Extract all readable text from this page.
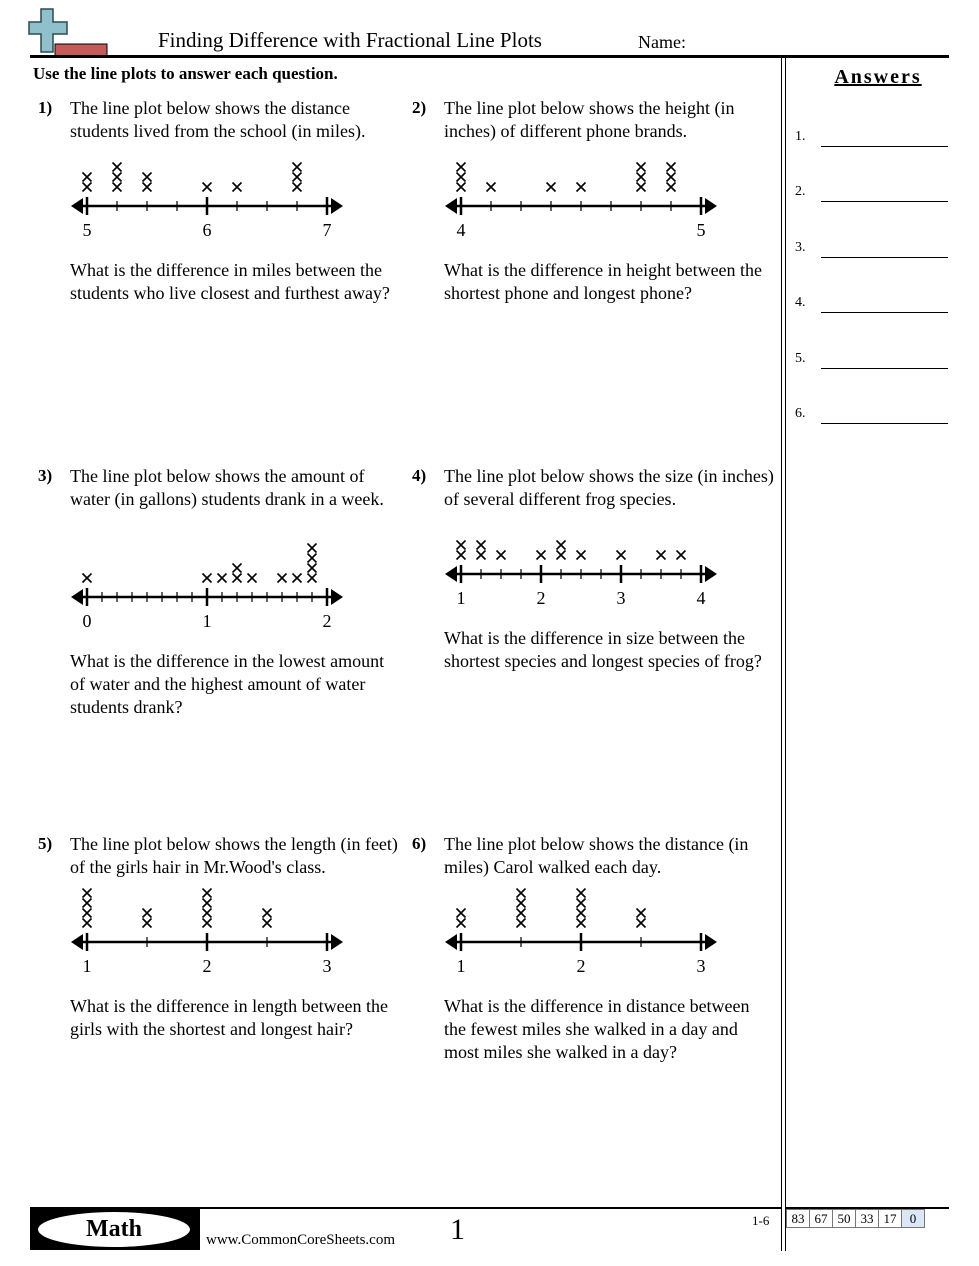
Finding Difference with Fractional Line Plots	Name:
Use the line plots to answer each question.	Answers
1.
2.
3.
4.
5.
6.
1) The line plot below shows the distance students lived from the school (in miles).
5	6	7
What is the difference in miles between the students who live closest and furthest away?
2) The line plot below shows the height (in inches) of different phone brands.
4	5
What is the difference in height between the shortest phone and longest phone?
3) The line plot below shows the amount of water (in gallons) students drank in a week.
0	1	2
What is the difference in the lowest amount of water and the highest amount of water students drank?
4) The line plot below shows the size (in inches) of several different frog species.
1	2	3	4
What is the difference in size between the shortest species and longest species of frog?
5) The line plot below shows the length (in feet) of the girls hair in Mr.Wood's class.
1	2	3
What is the difference in length between the girls with the shortest and longest hair?
6) The line plot below shows the distance (in miles) Carol walked each day.
1	2	3
What is the difference in distance between the fewest miles she walked in a day and most miles she walked in a day?
Math	www.CommonCoreSheets.com 1	1-6 83	67	50	33	17	0
